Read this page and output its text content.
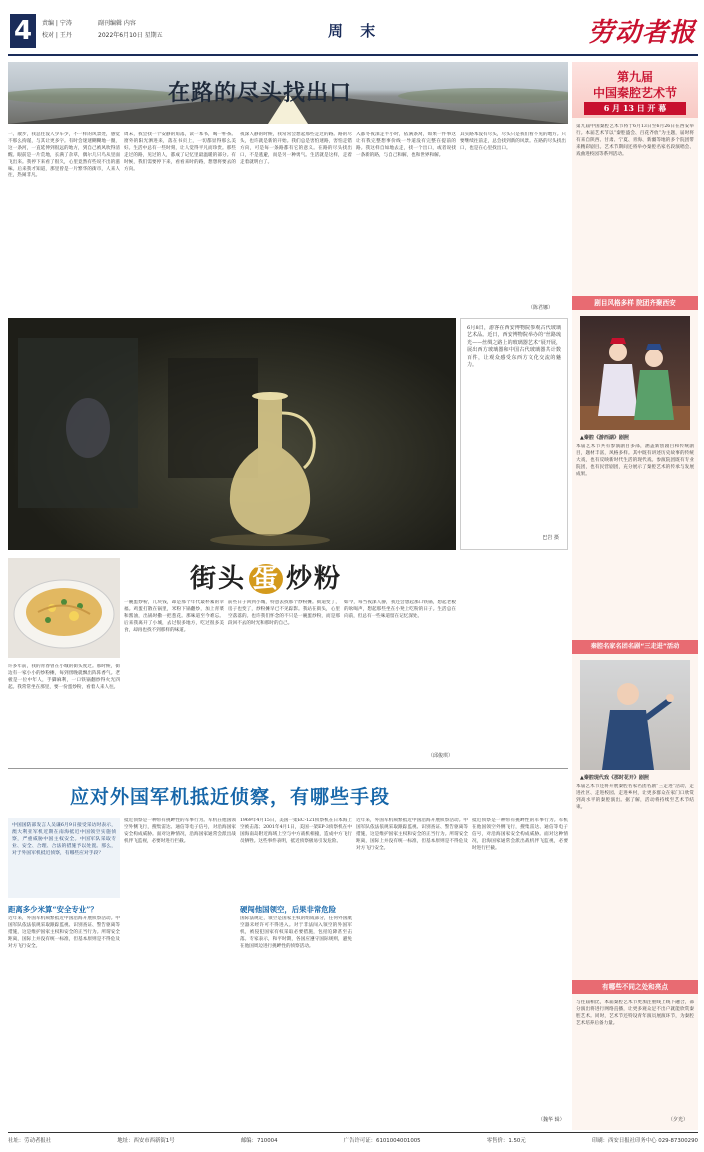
4	责编 | 宁涛
校对 | 王丹
副刊编辑 内容
2022年6月10日 星期五	周 末	劳动者报
在路的尽头找出口
一、散步，我总往没人少车少，不一样的风景处，感觉不那么拘谨，与其让更多字。有时会迷迷糊糊地一圈，这一条河，一直延伸到很远的地方，到自己被风吹得清醒。眼前是一片荒地，长满了杂草，偶尔几只鸟从里面飞出来。我停下来看了很久，心里竟然有些说不出的滋味。后来我才知道，那里曾是一片繁华的街市，人来人往，热闹非凡。
周末，我会找一个安静的角落，读一本书，喝一杯茶。窗外的阳光洒进来，落在书页上，一切都显得那么美好。生活中总有一些时刻，让人觉得平凡而珍贵。那些走过的路，见过的人，都成了记忆里最温暖的部分。有时候，我们需要停下来，看看来时的路，想想将要去的方向。
夜深人静的时候，我常常会想起那些走过的路。路的尽头，也许就是新的开始。我们总是害怕迷路，害怕走错方向，可是每一条路都有它的意义。在路的尽头找出口，不是逃避，而是另一种勇气。生活就是这样，走着走着就明白了。
入都冬夜深走半小时，依满条窝，如果一件事这让有我完整想事价线一导道没有完整在提前的路。我这样自如地去走，找一个出口，或者说找一条新的路，与自己和解，也和世界和解。
其实路本没有尽头，尽头只是我们看不见的地方。只要继续往前走，总会找到新的风景。在路的尽头找出口，也是在心里找出口。
（陈君娜）
6月8日，游客在西安博物院参观古代玻璃艺术品。近日，西安博物院举办的“丝路琉光——丝绸之路上的玻璃器艺术”展开展，展出西方玻璃器和中国古代玻璃器共计数百件，让观众感受东西方文化交流的魅力。
巴岩 摄
街头 蛋 炒粉
许多年前，我的青春曾在小城的街头度过。那时候，街边有一家小小的炒粉摊，每到傍晚就飘出阵阵香气。老板是一位中年人，手脚麻利，一口铁锅翻炒得火光四起。我常常坐在那里，要一份蛋炒粉，看着人来人往。
一碗蛋炒粉，几块钱，却是那个年代最朴素的幸福。鸡蛋打散在锅里，米粉下锅翻炒，加上青菜和酱油，出锅时撒一把葱花。那味道至今难忘。后来我离开了小城，去过很多地方，吃过很多美食，却再也找不到那样的味道。
前些日子回到小城，特意去找那个炒粉摊。街道变了，房子也变了，炒粉摊早已不见踪影。我站在街头，心里空落落的。也许我们怀念的不只是一碗蛋炒粉，而是那段回不去的时光和那时的自己。
如今，每当夜深人静，我还会想起那口铁锅，想起老板的吆喝声，想起那些坐在小凳上吃粉的日子。生活总在向前，但总有一些味道留在记忆深处。
（邱俊琪）
应对外国军机抵近侦察，有哪些手段
中国国防部发言人吴谦6月9日接受采访时表示，澳大利亚军机近期在南海抵近中国领空实施侦察，严重威胁中国主权安全。中国军队采取专业、安全、合理、合法的措施予以处置。那么，对于外国军机抵近侦察，有哪些应对手段？
距离多少米算“安全专业”？
近年来，外国军机频繁抵近中国沿海开展侦察活动。中国军队依法依规采取跟踪监视、识别查证、警告驱离等措施，这是维护国家主权和安全的正当行为。所谓安全距离，国际上并没有统一标准，但基本原则是不得危及对方飞行安全。
抵近侦察是一种带有挑衅性的军事行为。军机在他国领空外侧飞行，搜集雷达、通信等电子信号，对沿海国家安全构成威胁。面对这种情况，沿海国家通常会派出战机伴飞监视，必要时进行拦截。
1969年4月15日，美国一架EC-121侦察机在日本海上空被击落；2001年4月1日，美国一架EP-3侦察机在中国海南岛附近海域上空与中方战机相撞，造成中方飞行员牺牲。这些事件表明，抵近侦察极易引发危险。
硬闯他国领空，后果非常危险
国际法规定，领空是国家主权的组成部分，任何外国航空器未经许可不得进入。对于非法闯入领空的外国军机，被侵犯国家有权采取必要措施，包括迫降甚至击落。专家表示，和平时期，各国应遵守国际规则，避免在他国周边进行挑衅性的侦察活动。
近年来，外国军机频繁抵近中国沿海开展侦察活动。中国军队依法依规采取跟踪监视、识别查证、警告驱离等措施，这是维护国家主权和安全的正当行为。所谓安全距离，国际上并没有统一标准，但基本原则是不得危及对方飞行安全。
抵近侦察是一种带有挑衅性的军事行为。军机在他国领空外侧飞行，搜集雷达、通信等电子信号，对沿海国家安全构成威胁。面对这种情况，沿海国家通常会派出战机伴飞监视，必要时进行拦截。
（魏华 辑）
第九届
中国秦腔艺术节
6 月 13 日 开 幕
第九届中国秦腔艺术节将于6月13日至6月26日在西安举行。本届艺术节以“秦腔盛会、百花齐放”为主题，届时将有来自陕西、甘肃、宁夏、青海、新疆等地的多个院团带来精彩剧目。艺术节期间还将举办秦腔名家名段演唱会、戏曲进校园等系列活动。
剧目风格多样 院团齐聚西安
▲秦腔《游西湖》剧照
本届艺术节共有参演剧目多部，涵盖新创剧目和传统剧目，题材丰富，风格多样。其中既有讲述历史故事的传统大戏，也有反映新时代生活的现代戏。参演院团既有专业院团，也有民营剧团，充分展示了秦腔艺术的传承与发展成果。
秦腔名家名团名剧“三走进”活动
▲秦腔现代戏《那时花开》剧照
本届艺术节还将开展秦腔名家名团名剧“三走进”活动，走进社区、走进校园、走进乡村，让更多群众在家门口欣赏到高水平的秦腔演出。据了解，活动将持续至艺术节结束。
有哪些不同之处和亮点
与往届相比，本届秦腔艺术节更加注重线上线下融合，部分演出将进行网络直播，让更多观众足不出户就能欣赏秦腔艺术。同时，艺术节还特设青年演员展演环节，为秦腔艺术培养后备力量。
（夕光）
社址：劳动者报社	地址：西安市西新街1号	邮编：710004	广告许可证：6101004001005	零售价：1.50元	印刷：西安日报社印务中心 029-87300290
